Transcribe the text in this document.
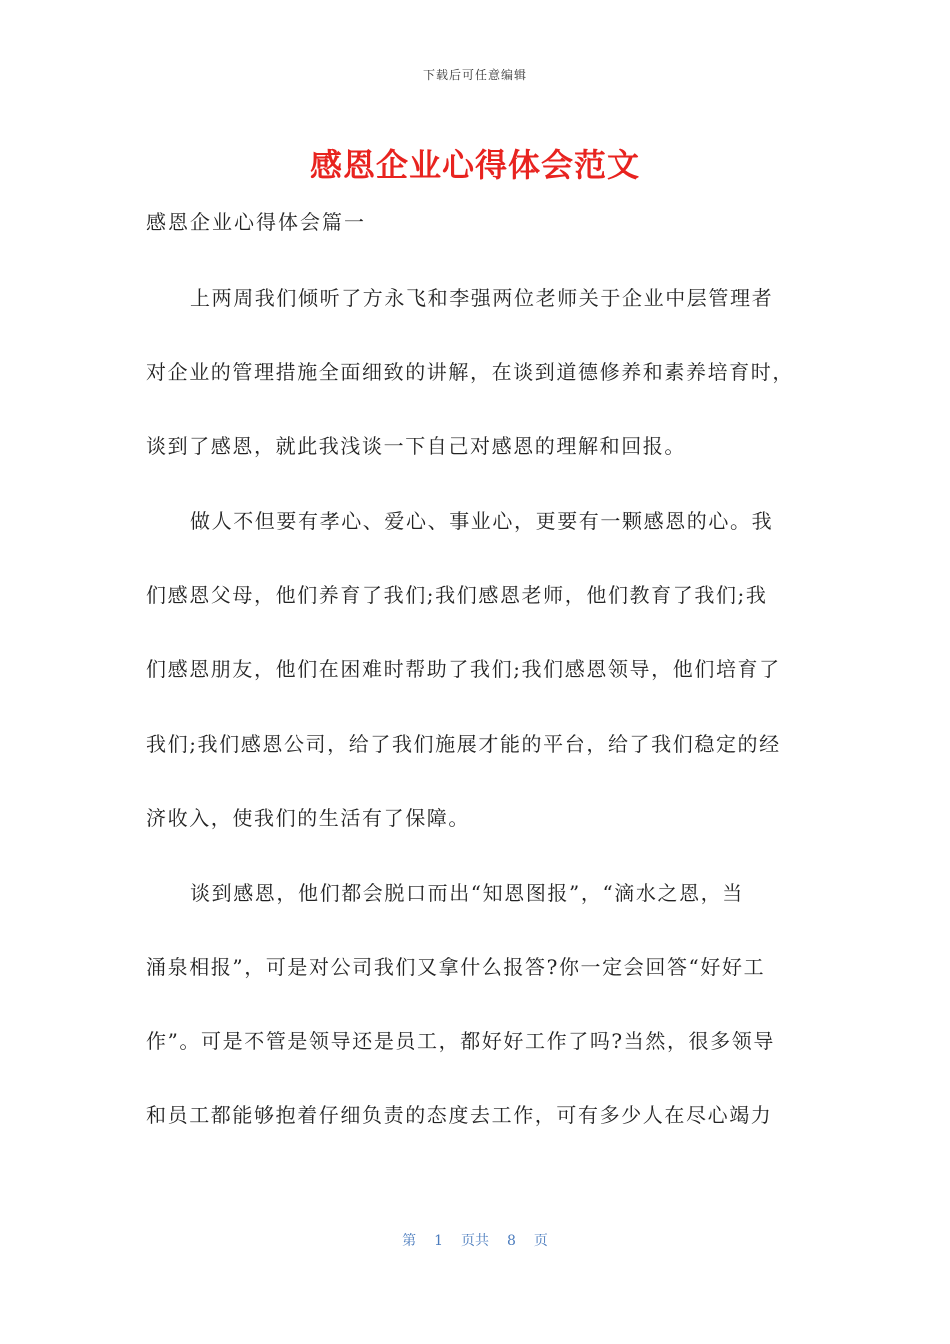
下载后可任意编辑
感恩企业心得体会范文
感恩企业心得体会篇一
上两周我们倾听了方永飞和李强两位老师关于企业中层管理者
对企业的管理措施全面细致的讲解，在谈到道德修养和素养培育时，
谈到了感恩，就此我浅谈一下自己对感恩的理解和回报。
做人不但要有孝心、爱心、事业心，更要有一颗感恩的心。我
们感恩父母，他们养育了我们;我们感恩老师，他们教育了我们;我
们感恩朋友，他们在困难时帮助了我们;我们感恩领导，他们培育了
我们;我们感恩公司，给了我们施展才能的平台，给了我们稳定的经
济收入，使我们的生活有了保障。
谈到感恩，他们都会脱口而出“知恩图报”，“滴水之恩，当
涌泉相报”，可是对公司我们又拿什么报答?你一定会回答“好好工
作”。可是不管是领导还是员工，都好好工作了吗?当然，很多领导
和员工都能够抱着仔细负责的态度去工作，可有多少人在尽心竭力
第 1 页共 8 页
